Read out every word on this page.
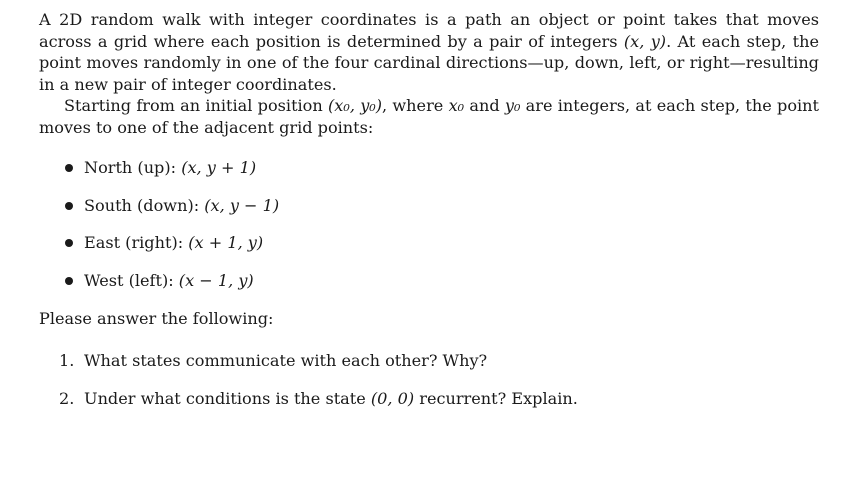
A 2D random walk with integer coordinates is a path an object or point takes that moves across a grid where each position is determined by a pair of integers (x, y). At each step, the point moves randomly in one of the four cardinal directions—up, down, left, or right—resulting in a new pair of integer coordinates.

Starting from an initial position (x₀, y₀), where x₀ and y₀ are integers, at each step, the point moves to one of the adjacent grid points:

North (up): (x, y + 1)
South (down): (x, y − 1)
East (right): (x + 1, y)
West (left): (x − 1, y)

Please answer the following:

1. What states communicate with each other? Why?
2. Under what conditions is the state (0, 0) recurrent? Explain.
